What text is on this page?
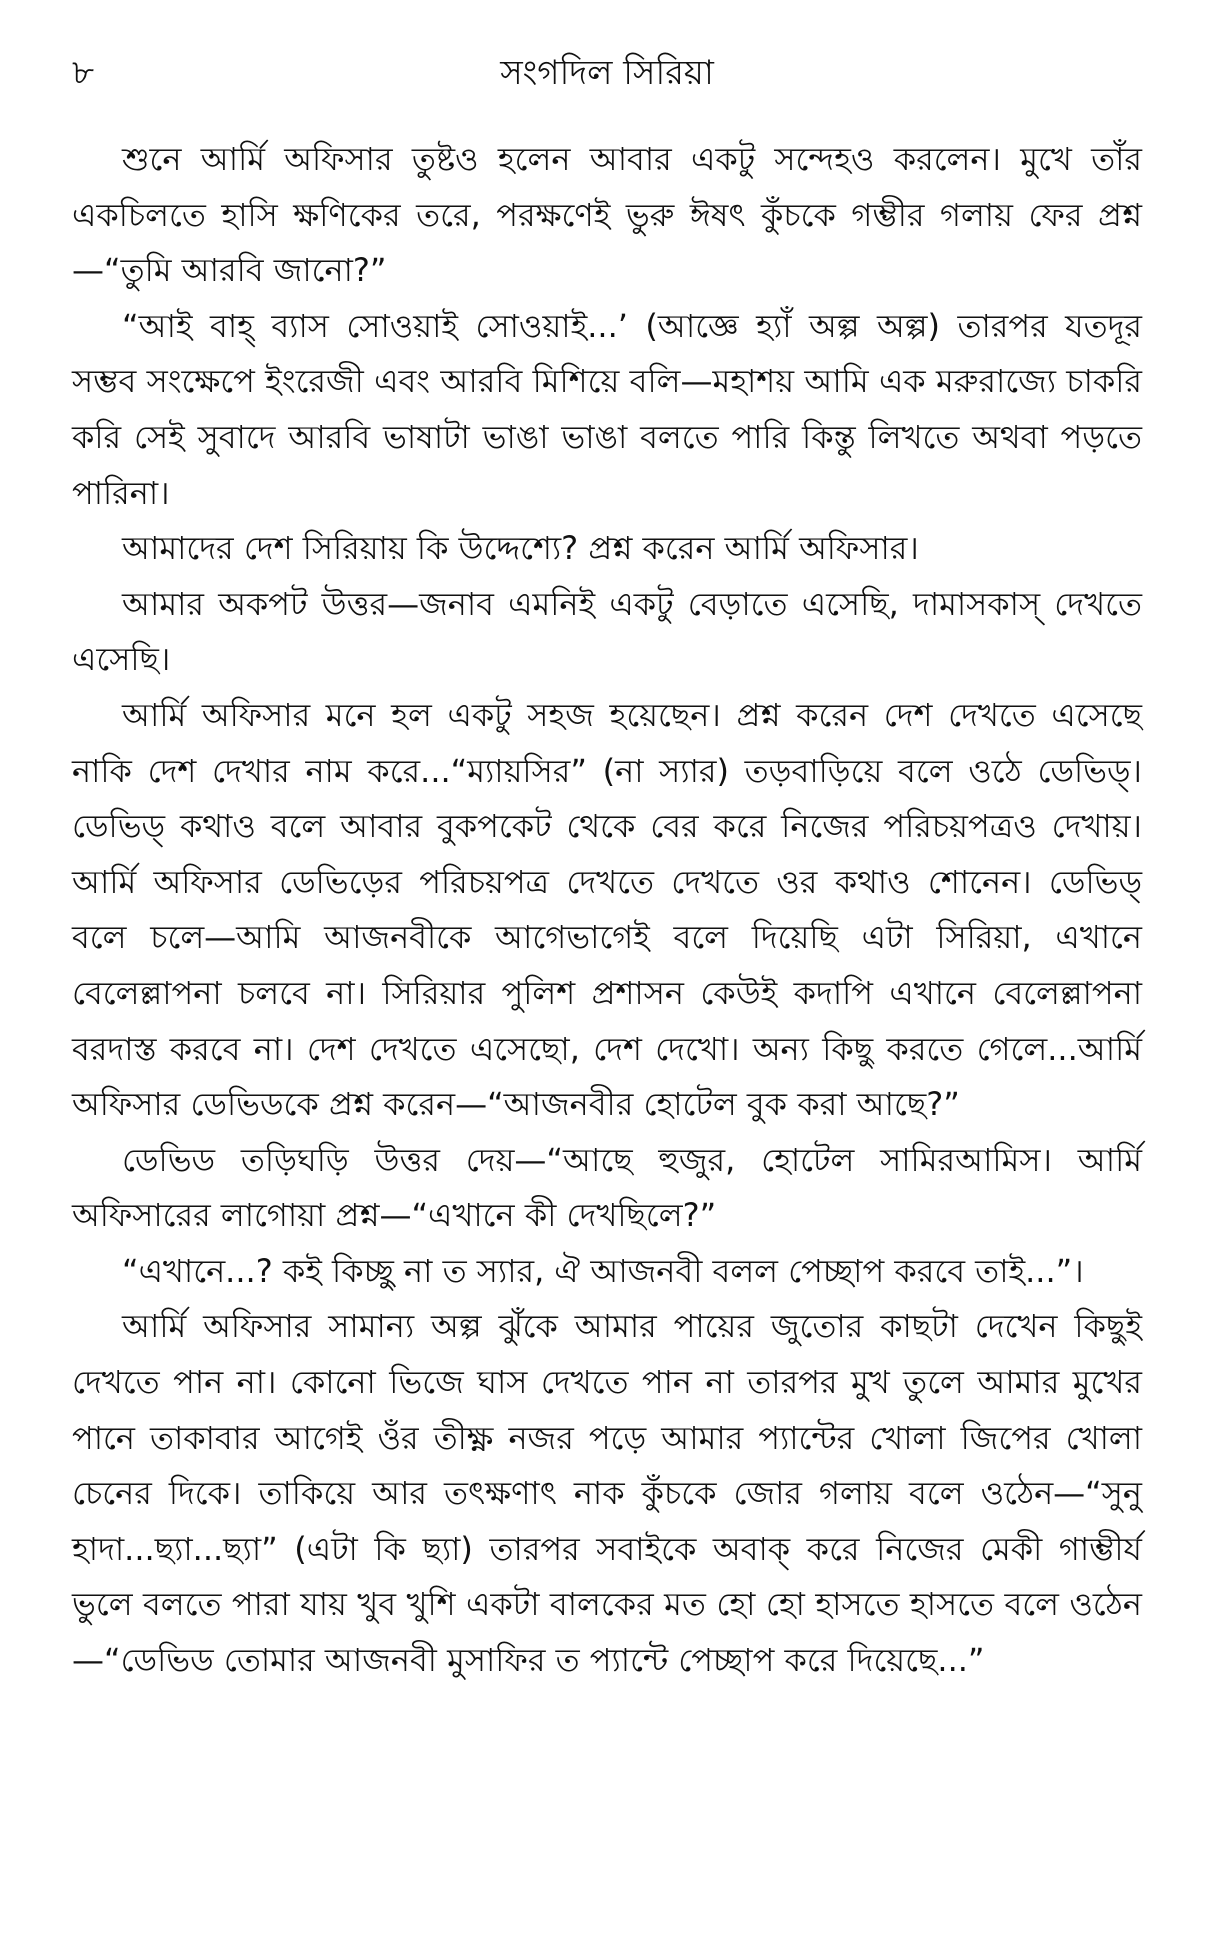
৮	সংগদিল সিরিয়া

শুনে আর্মি অফিসার তুষ্টও হলেন আবার একটু সন্দেহও করলেন। মুখে তাঁর একচিলতে হাসি ক্ষণিকের তরে, পরক্ষণেই ভুরু ঈষৎ কুঁচকে গম্ভীর গলায় ফের প্রশ্ন—“তুমি আরবি জানো?”

“আই বাহ্ ব্যাস সোওয়াই সোওয়াই...’ (আজ্ঞে হ্যাঁ অল্প অল্প) তারপর যতদূর সম্ভব সংক্ষেপে ইংরেজী এবং আরবি মিশিয়ে বলি—মহাশয় আমি এক মরুরাজ্যে চাকরি করি সেই সুবাদে আরবি ভাষাটা ভাঙা ভাঙা বলতে পারি কিন্তু লিখতে অথবা পড়তে পারিনা।

আমাদের দেশ সিরিয়ায় কি উদ্দেশ্যে? প্রশ্ন করেন আর্মি অফিসার।

আমার অকপট উত্তর—জনাব এমনিই একটু বেড়াতে এসেছি, দামাসকাস্ দেখতে এসেছি।

আর্মি অফিসার মনে হল একটু সহজ হয়েছেন। প্রশ্ন করেন দেশ দেখতে এসেছে নাকি দেশ দেখার নাম করে...“ম্যায়সির” (না স্যার) তড়বাড়িয়ে বলে ওঠে ডেভিড্। ডেভিড্ কথাও বলে আবার বুকপকেট থেকে বের করে নিজের পরিচয়পত্রও দেখায়। আর্মি অফিসার ডেভিড়ের পরিচয়পত্র দেখতে দেখতে ওর কথাও শোনেন। ডেভিড্ বলে চলে—আমি আজনবীকে আগেভাগেই বলে দিয়েছি এটা সিরিয়া, এখানে বেলেল্লাপনা চলবে না। সিরিয়ার পুলিশ প্রশাসন কেউই কদাপি এখানে বেলেল্লাপনা বরদাস্ত করবে না। দেশ দেখতে এসেছো, দেশ দেখো। অন্য কিছু করতে গেলে...আর্মি অফিসার ডেভিডকে প্রশ্ন করেন—“আজনবীর হোটেল বুক করা আছে?”

ডেভিড তড়িঘড়ি উত্তর দেয়—“আছে হুজুর, হোটেল সামিরআমিস। আর্মি অফিসারের লাগোয়া প্রশ্ন—“এখানে কী দেখছিলে?”

“এখানে...? কই কিচ্ছু না ত স্যার, ঐ আজনবী বলল পেচ্ছাপ করবে তাই...”।

আর্মি অফিসার সামান্য অল্প ঝুঁকে আমার পায়ের জুতোর কাছটা দেখেন কিছুই দেখতে পান না। কোনো ভিজে ঘাস দেখতে পান না তারপর মুখ তুলে আমার মুখের পানে তাকাবার আগেই ওঁর তীক্ষ্ণ নজর পড়ে আমার প্যান্টের খোলা জিপের খোলা চেনের দিকে। তাকিয়ে আর তৎক্ষণাৎ নাক কুঁচকে জোর গলায় বলে ওঠেন—“সুনু হাদা...ছ্যা...ছ্যা” (এটা কি ছ্যা) তারপর সবাইকে অবাক্ করে নিজের মেকী গাম্ভীর্য ভুলে বলতে পারা যায় খুব খুশি একটা বালকের মত হো হো হাসতে হাসতে বলে ওঠেন—“ডেভিড তোমার আজনবী মুসাফির ত প্যান্টে পেচ্ছাপ করে দিয়েছে...”
